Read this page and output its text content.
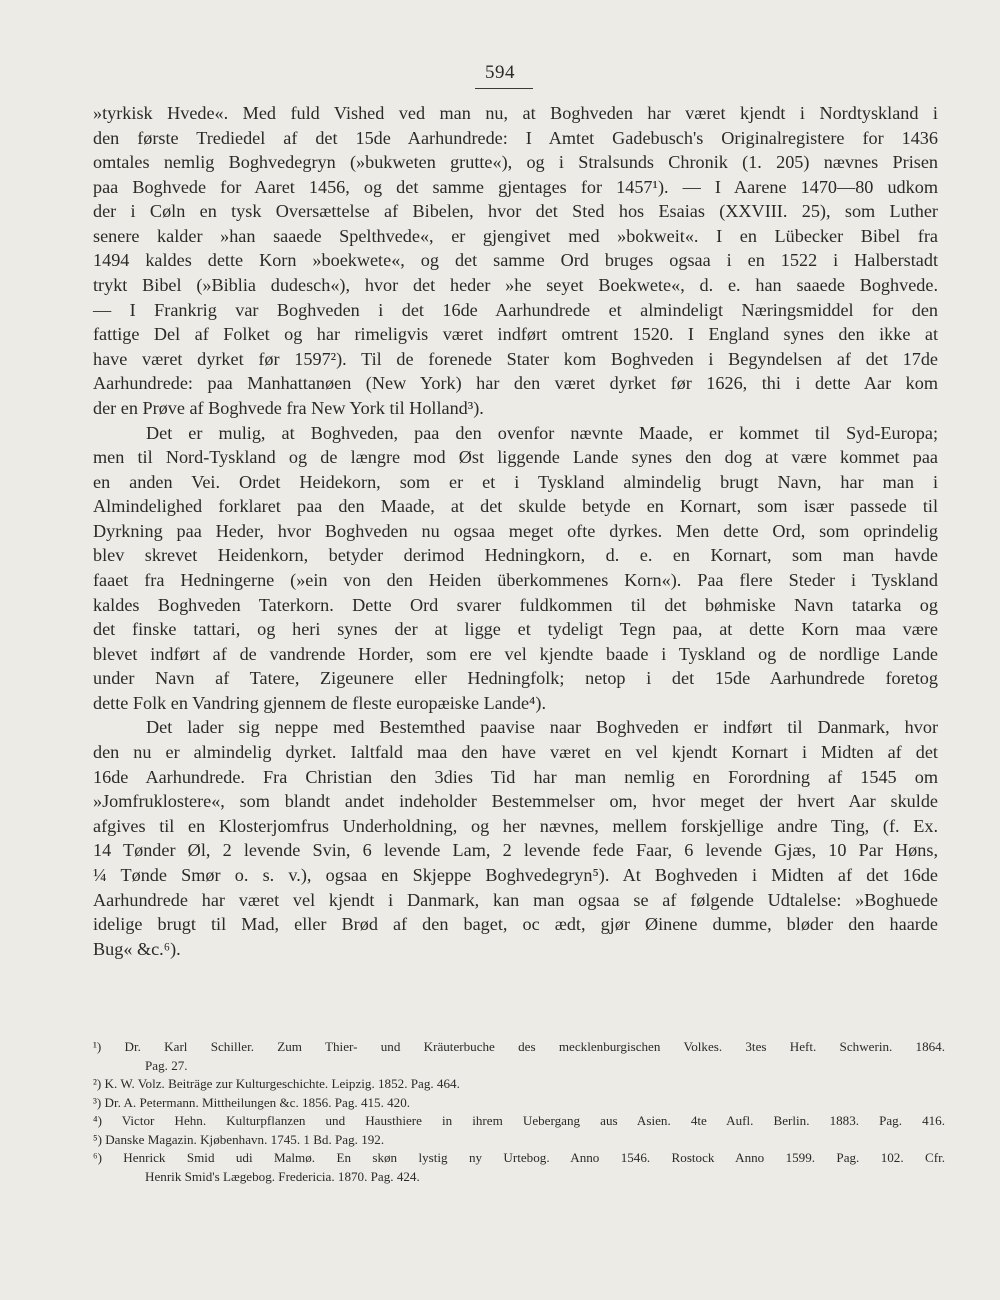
594
»tyrkisk Hvede«. Med fuld Vished ved man nu, at Boghveden har været kjendt i Nordtyskland i
den første Trediedel af det 15de Aarhundrede: I Amtet Gadebusch's Originalregistere for 1436
omtales nemlig Boghvedegryn (»bukweten grutte«), og i Stralsunds Chronik (1. 205) nævnes Prisen
paa Boghvede for Aaret 1456, og det samme gjentages for 1457¹). — I Aarene 1470—80 udkom
der i Cøln en tysk Oversættelse af Bibelen, hvor det Sted hos Esaias (XXVIII. 25), som Luther
senere kalder »han saaede Spelthvede«, er gjengivet med »bokweit«. I en Lübecker Bibel fra
1494 kaldes dette Korn »boekwete«, og det samme Ord bruges ogsaa i en 1522 i Halberstadt
trykt Bibel (»Biblia dudesch«), hvor det heder »he seyet Boekwete«, d. e. han saaede Boghvede.
— I Frankrig var Boghveden i det 16de Aarhundrede et almindeligt Næringsmiddel for den
fattige Del af Folket og har rimeligvis været indført omtrent 1520. I England synes den ikke at
have været dyrket før 1597²). Til de forenede Stater kom Boghveden i Begyndelsen af det 17de
Aarhundrede: paa Manhattanøen (New York) har den været dyrket før 1626, thi i dette Aar kom
der en Prøve af Boghvede fra New York til Holland³).
Det er mulig, at Boghveden, paa den ovenfor nævnte Maade, er kommet til Syd-Europa;
men til Nord-Tyskland og de længre mod Øst liggende Lande synes den dog at være kommet paa
en anden Vei. Ordet Heidekorn, som er et i Tyskland almindelig brugt Navn, har man i
Almindelighed forklaret paa den Maade, at det skulde betyde en Kornart, som især passede til
Dyrkning paa Heder, hvor Boghveden nu ogsaa meget ofte dyrkes. Men dette Ord, som oprindelig
blev skrevet Heidenkorn, betyder derimod Hedningkorn, d. e. en Kornart, som man havde
faaet fra Hedningerne (»ein von den Heiden überkommenes Korn«). Paa flere Steder i Tyskland
kaldes Boghveden Taterkorn. Dette Ord svarer fuldkommen til det bøhmiske Navn tatarka og
det finske tattari, og heri synes der at ligge et tydeligt Tegn paa, at dette Korn maa være
blevet indført af de vandrende Horder, som ere vel kjendte baade i Tyskland og de nordlige Lande
under Navn af Tatere, Zigeunere eller Hedningfolk; netop i det 15de Aarhundrede foretog
dette Folk en Vandring gjennem de fleste europæiske Lande⁴).
Det lader sig neppe med Bestemthed paavise naar Boghveden er indført til Danmark, hvor
den nu er almindelig dyrket. Ialtfald maa den have været en vel kjendt Kornart i Midten af det
16de Aarhundrede. Fra Christian den 3dies Tid har man nemlig en Forordning af 1545 om
»Jomfruklostere«, som blandt andet indeholder Bestemmelser om, hvor meget der hvert Aar skulde
afgives til en Klosterjomfrus Underholdning, og her nævnes, mellem forskjellige andre Ting, (f. Ex.
14 Tønder Øl, 2 levende Svin, 6 levende Lam, 2 levende fede Faar, 6 levende Gjæs, 10 Par Høns,
¼ Tønde Smør o. s. v.), ogsaa en Skjeppe Boghvedegryn⁵). At Boghveden i Midten af det 16de
Aarhundrede har været vel kjendt i Danmark, kan man ogsaa se af følgende Udtalelse: »Boghuede
idelige brugt til Mad, eller Brød af den baget, oc ædt, gjør Øinene dumme, bløder den haarde
Bug« &c.⁶).
¹) Dr. Karl Schiller. Zum Thier- und Kräuterbuche des mecklenburgischen Volkes. 3tes Heft. Schwerin. 1864.
Pag. 27.
²) K. W. Volz. Beiträge zur Kulturgeschichte. Leipzig. 1852. Pag. 464.
³) Dr. A. Petermann. Mittheilungen &c. 1856. Pag. 415. 420.
⁴) Victor Hehn. Kulturpflanzen und Hausthiere in ihrem Uebergang aus Asien. 4te Aufl. Berlin. 1883. Pag. 416.
⁵) Danske Magazin. Kjøbenhavn. 1745. 1 Bd. Pag. 192.
⁶) Henrick Smid udi Malmø. En skøn lystig ny Urtebog. Anno 1546. Rostock Anno 1599. Pag. 102. Cfr.
Henrik Smid's Lægebog. Fredericia. 1870. Pag. 424.
